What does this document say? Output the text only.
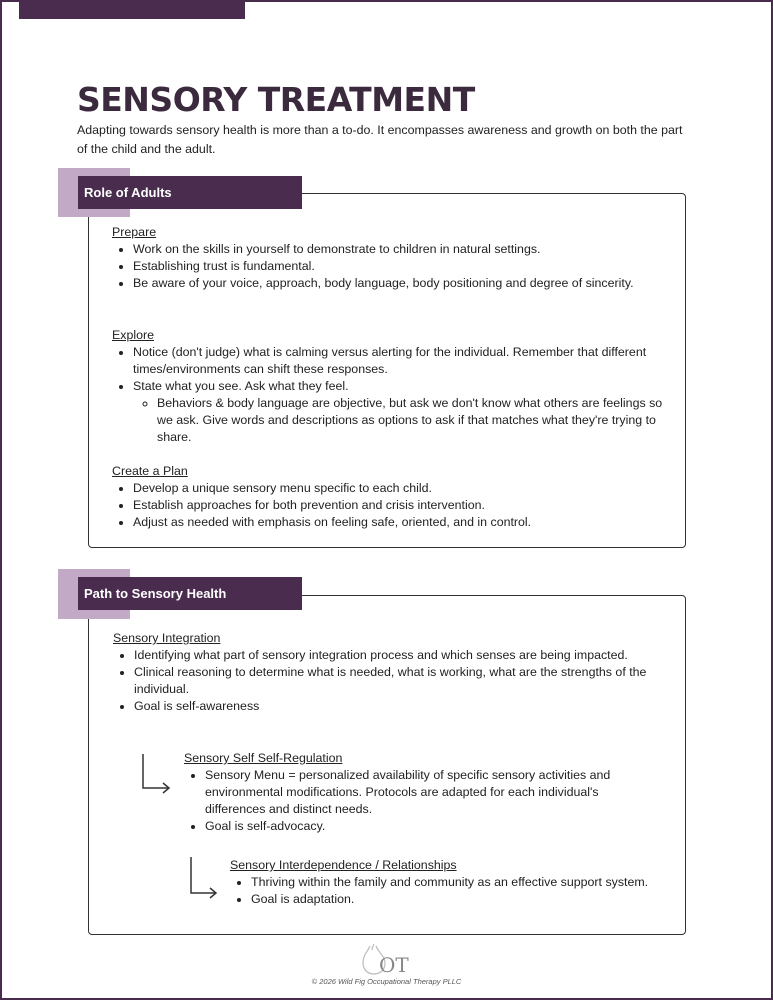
SENSORY TREATMENT

Adapting towards sensory health is more than a to-do. It encompasses awareness and growth on both the part of the child and the adult.

Role of Adults

Prepare

• Work on the skills in yourself to demonstrate to children in natural settings.
• Establishing trust is fundamental.
• Be aware of your voice, approach, body language, body positioning and degree of sincerity.

Explore

• Notice (don't judge) what is calming versus alerting for the individual. Remember that different times/environments can shift these responses.
• State what you see. Ask what they feel.
◦ Behaviors & body language are objective, but ask we don't know what others are feelings so we ask. Give words and descriptions as options to ask if that matches what they're trying to share.

Create a Plan

• Develop a unique sensory menu specific to each child.
• Establish approaches for both prevention and crisis intervention.
• Adjust as needed with emphasis on feeling safe, oriented, and in control.
Path to Sensory Health

Sensory Integration

• Identifying what part of sensory integration process and which senses are being impacted.
• Clinical reasoning to determine what is needed, what is working, what are the strengths of the individual.
• Goal is self-awareness

Sensory Self Self-Regulation

• Sensory Menu = personalized availability of specific sensory activities and environmental modifications. Protocols are adapted for each individual's differences and distinct needs.
• Goal is self-advocacy.

Sensory Interdependence / Relationships

• Thriving within the family and community as an effective support system.
• Goal is adaptation.
OT
© 2026 Wild Fig Occupational Therapy PLLC
